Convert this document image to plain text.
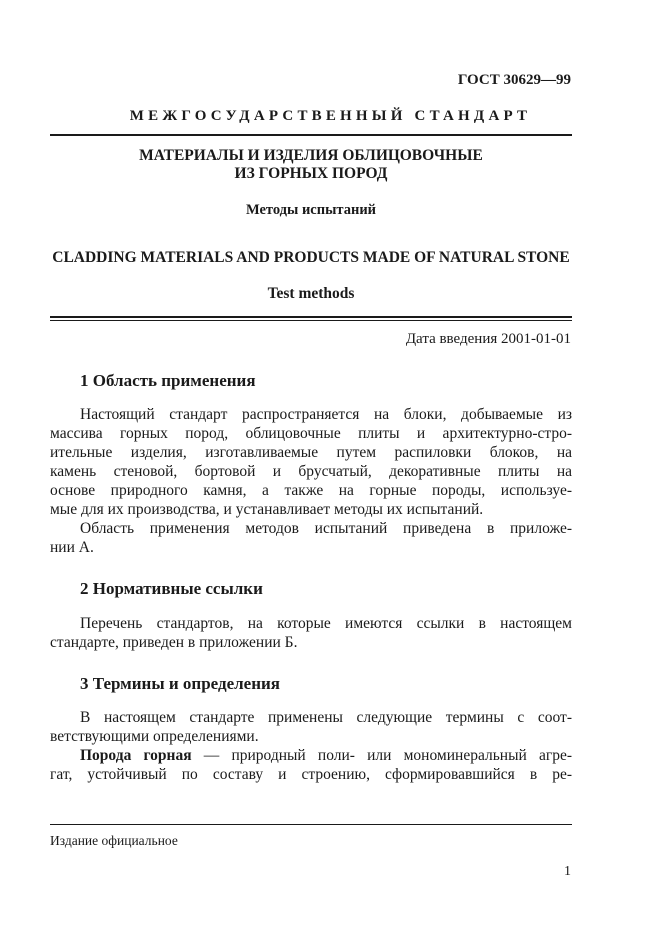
ГОСТ 30629—99
МЕЖГОСУДАРСТВЕННЫЙ СТАНДАРТ
МАТЕРИАЛЫ И ИЗДЕЛИЯ ОБЛИЦОВОЧНЫЕ
ИЗ ГОРНЫХ ПОРОД
Методы испытаний
CLADDING MATERIALS AND PRODUCTS MADE OF NATURAL STONE
Test methods
Дата введения 2001-01-01
1 Область применения
Настоящий стандарт распространяется на блоки, добываемые из
массива горных пород, облицовочные плиты и архитектурно-стро-
ительные изделия, изготавливаемые путем распиловки блоков, на
камень стеновой, бортовой и брусчатый, декоративные плиты на
основе природного камня, а также на горные породы, используе-
мые для их производства, и устанавливает методы их испытаний.
Область применения методов испытаний приведена в приложе-
нии А.
2 Нормативные ссылки
Перечень стандартов, на которые имеются ссылки в настоящем
стандарте, приведен в приложении Б.
3 Термины и определения
В настоящем стандарте применены следующие термины с соот-
ветствующими определениями.
Порода горная — природный поли- или мономинеральный агре-
гат, устойчивый по составу и строению, сформировавшийся в ре-
Издание официальное
1
